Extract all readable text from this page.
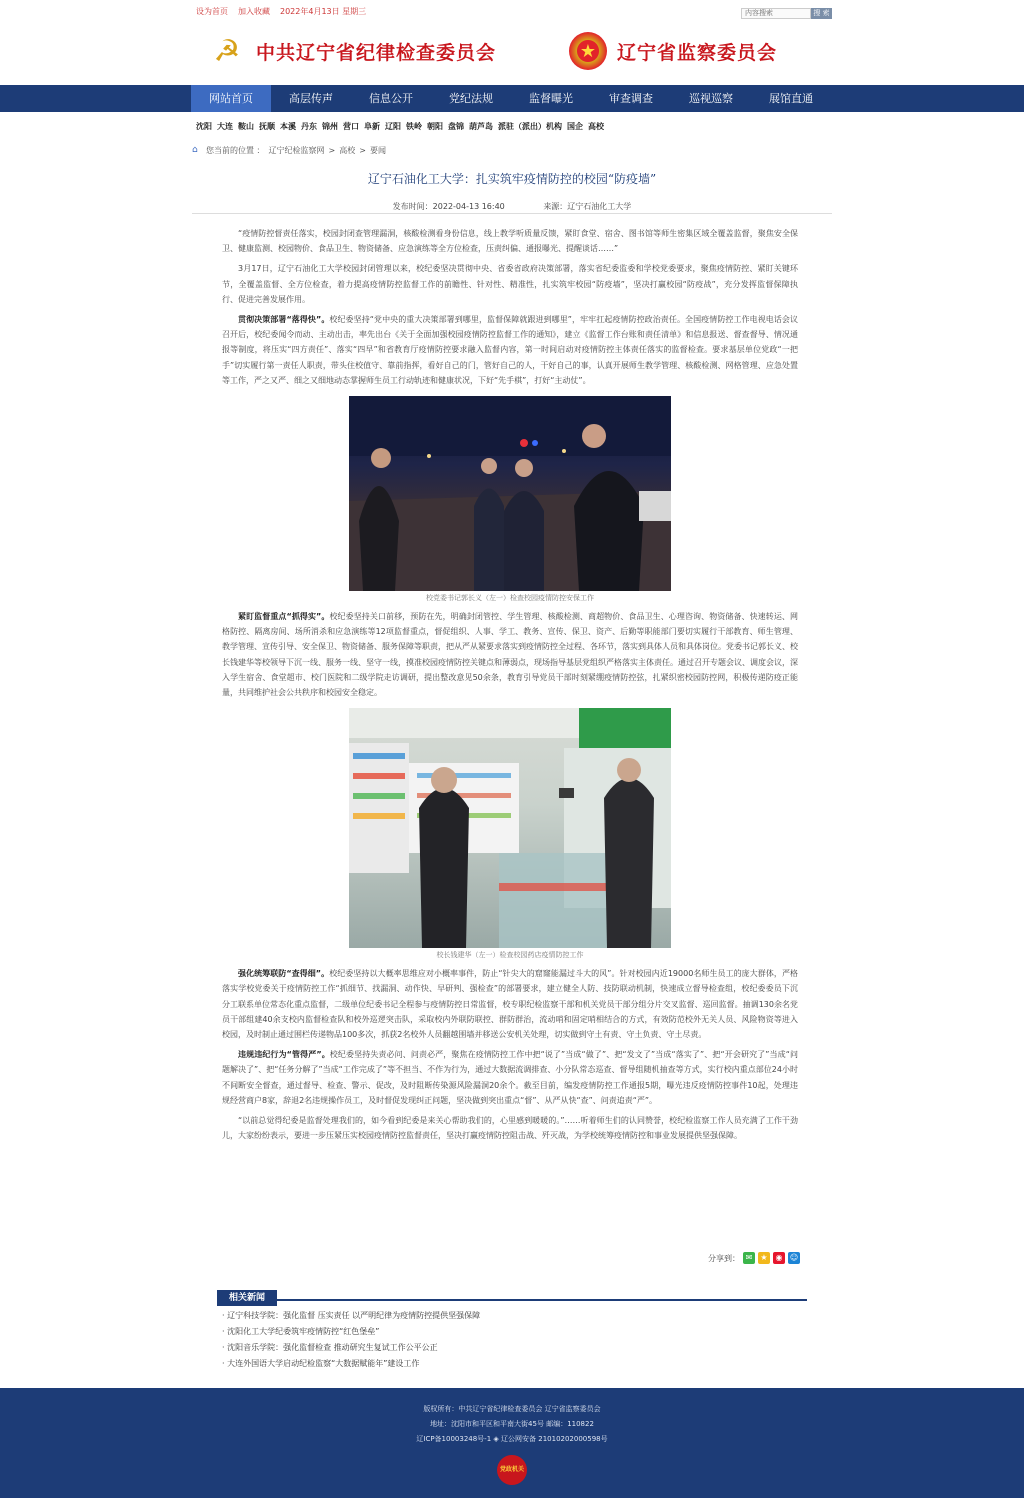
设为首页 加入收藏 2022年4月13日 星期三	内容搜索	搜 索
☭ 中共辽宁省纪律检查委员会	★	辽宁省监察委员会
网站首页	高层传声	信息公开	党纪法规	监督曝光	审查调查	巡视巡察	展馆直通
沈阳 大连 鞍山 抚顺 本溪 丹东 锦州 营口 阜新 辽阳 铁岭 朝阳 盘锦 葫芦岛 派驻（派出）机构 国企 高校
⌂	您当前的位置 ： 辽宁纪检监察网 > 高校 > 要闻
辽宁石油化工大学：扎实筑牢疫情防控的校园“防疫墙”
发布时间：2022-04-13 16:40	来源：辽宁石油化工大学

“疫情防控督责任落实，校园封闭查管理漏洞，核酸检测看身份信息，线上教学听质量反馈，紧盯食堂、宿舍、图书馆等师生密集区域全覆盖监督，聚焦安全保卫、健康监测、校园物价、食品卫生、物资储备、应急演练等全方位检查，压责纠偏、通报曝光、提醒谈话……”

3月17日，辽宁石油化工大学校园封闭管理以来，校纪委坚决贯彻中央、省委省政府决策部署，落实省纪委监委和学校党委要求，聚焦疫情防控、紧盯关键环节，全覆盖监督、全方位检查，着力提高疫情防控监督工作的前瞻性、针对性、精准性，扎实筑牢校园“防疫墙”，坚决打赢校园“防疫战”，充分发挥监督保障执行、促进完善发展作用。

贯彻决策部署“落得快”。校纪委坚持“党中央的重大决策部署到哪里，监督保障就跟进到哪里”，牢牢扛起疫情防控政治责任。全国疫情防控工作电视电话会议召开后，校纪委闻令而动、主动出击，率先出台《关于全面加强校园疫情防控监督工作的通知》，建立《监督工作台账和责任清单》和信息报送、督查督导、情况通报等制度，将压实“四方责任”、落实“四早”和省教育厅疫情防控要求融入监督内容，第一时间启动对疫情防控主体责任落实的监督检查。要求基层单位党政“一把手”切实履行第一责任人职责，带头住校值守、靠前指挥，看好自己的门，管好自己的人，干好自己的事，认真开展师生教学管理、核酸检测、网格管理、应急处置等工作，严之又严、细之又细地动态掌握师生员工行动轨迹和健康状况，下好“先手棋”，打好“主动仗”。

校党委书记郭长义（左一）检查校园疫情防控安保工作

紧盯监督重点“抓得实”。校纪委坚持关口前移，预防在先，明确封闭管控、学生管理、核酸检测、商超物价、食品卫生、心理咨询、物资储备、快速转运、网格防控、隔离房间、场所消杀和应急演练等12项监督重点，督促组织、人事、学工、教务、宣传、保卫、资产、后勤等职能部门要切实履行干部教育、师生管理、教学管理、宣传引导、安全保卫、物资储备、服务保障等职责，把从严从紧要求落实到疫情防控全过程、各环节，落实到具体人员和具体岗位。党委书记郭长义、校长钱建华等校领导下沉一线、服务一线、坚守一线，摸准校园疫情防控关键点和薄弱点，现场指导基层党组织严格落实主体责任。通过召开专题会议、调度会议，深入学生宿舍、食堂超市、校门医院和二级学院走访调研，提出整改意见50余条，教育引导党员干部时刻紧绷疫情防控弦，扎紧织密校园防控网，积极传递防疫正能量，共同维护社会公共秩序和校园安全稳定。

校长钱建华（左一）检查校园药店疫情防控工作

强化统筹联防“查得细”。校纪委坚持以大概率思维应对小概率事件，防止“针尖大的窟窿能漏过斗大的风”。针对校园内近19000名师生员工的庞大群体，严格落实学校党委关于疫情防控工作“抓细节、找漏洞、动作快、早研判、强检查”的部署要求，建立健全人防、技防联动机制，快速成立督导检查组，校纪委委员下沉分工联系单位常态化重点监督，二级单位纪委书记全程参与疫情防控日常监督，校专职纪检监察干部和机关党员干部分组分片交叉监督、巡回监督。抽调130余名党员干部组建40余支校内监督检查队和校外巡逻突击队，采取校内外联防联控、群防群治，流动哨和固定哨相结合的方式，有效防范校外无关人员、风险物资等进入校园，及时制止通过围栏传递物品100多次，抓获2名校外人员翻越围墙并移送公安机关处理，切实做到守土有责、守土负责、守土尽责。

违规违纪行为“管得严”。校纪委坚持失责必问、问责必严，聚焦在疫情防控工作中把“说了”当成“做了”、把“发文了”当成“落实了”、把“开会研究了”当成“问题解决了”、把“任务分解了”当成“工作完成了”等不担当、不作为行为，通过大数据流调排查、小分队常态巡查、督导组随机抽查等方式，实行校内重点部位24小时不间断安全督查，通过督导、检查、警示、促改，及时阻断传染源风险漏洞20余个。截至目前，编发疫情防控工作通报5期，曝光违反疫情防控事件10起，处理违规经营商户8家，辞退2名违规操作员工，及时督促发现纠正问题，坚决做到突出重点“督”、从严从快“查”、问责追责“严”。

“以前总觉得纪委是监督处理我们的，如今看到纪委是来关心帮助我们的，心里感到暖暖的。”……听着师生们的认同赞誉，校纪检监察工作人员充满了工作干劲儿，大家纷纷表示，要进一步压紧压实校园疫情防控监督责任，坚决打赢疫情防控阻击战、歼灭战，为学校统筹疫情防控和事业发展提供坚强保障。

分享到： ✉	★ ◉ ☺
相关新闻
· 辽宁科技学院：强化监督 压实责任 以严明纪律为疫情防控提供坚强保障
· 沈阳化工大学纪委筑牢疫情防控“红色堡垒”
· 沈阳音乐学院：强化监督检查 推动研究生复试工作公平公正
· 大连外国语大学启动纪检监察“大数据赋能年”建设工作
版权所有：中共辽宁省纪律检查委员会 辽宁省监察委员会
地址：沈阳市和平区和平南大街45号 邮编：110822
辽ICP备10003248号-1 ◈ 辽公网安备 21010202000598号
党政机关
